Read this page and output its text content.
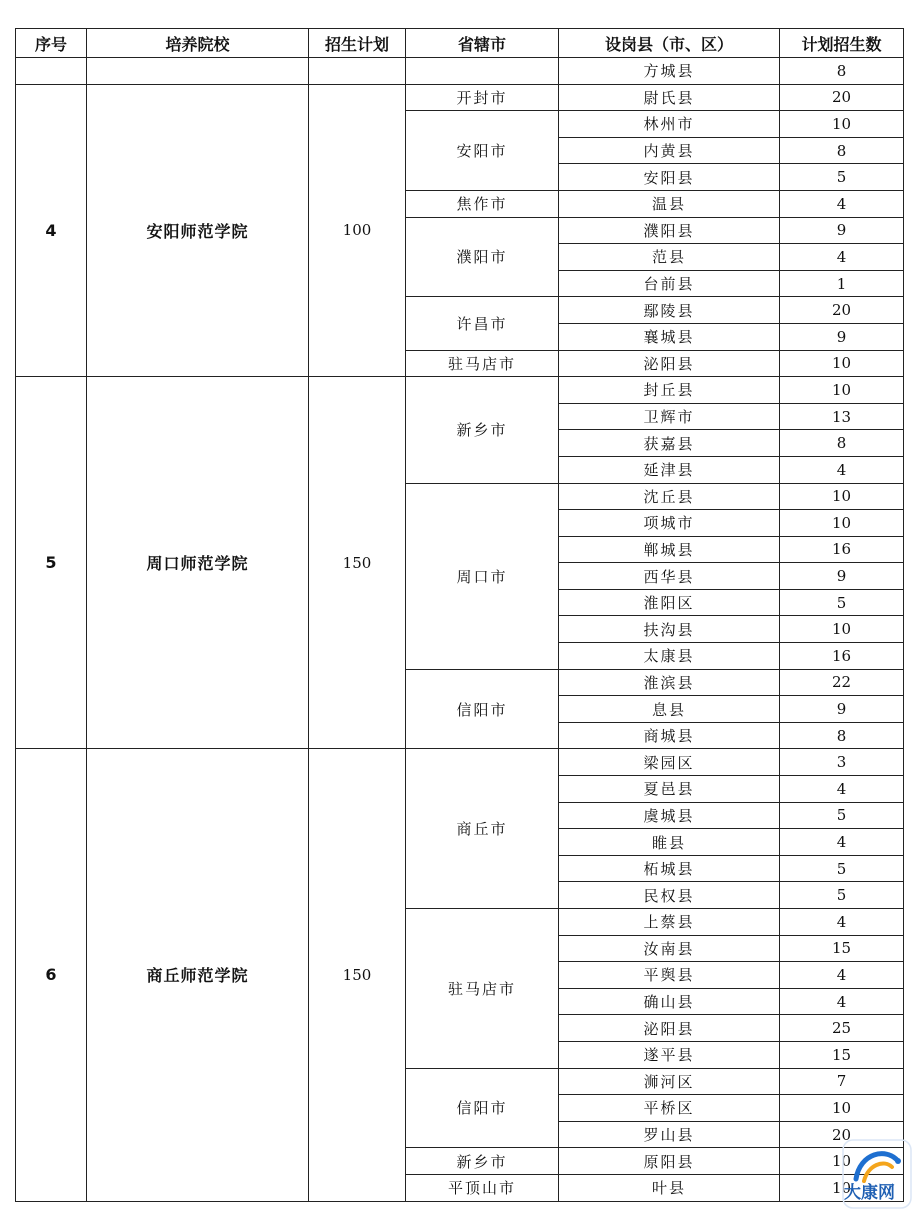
序号	培养院校	招生计划	省辖市	设岗县（市、区）	计划招生数
				方城县	8
4	安阳师范学院	100	开封市	尉氏县	20
			安阳市	林州市	10
				内黄县	8
				安阳县	5
			焦作市	温县	4
			濮阳市	濮阳县	9
				范县	4
				台前县	1
			许昌市	鄢陵县	20
				襄城县	9
			驻马店市	泌阳县	10
5	周口师范学院	150	新乡市	封丘县	10
				卫辉市	13
				获嘉县	8
				延津县	4
			周口市	沈丘县	10
				项城市	10
				郸城县	16
				西华县	9
				淮阳区	5
				扶沟县	10
				太康县	16
			信阳市	淮滨县	22
				息县	9
				商城县	8
6	商丘师范学院	150	商丘市	梁园区	3
				夏邑县	4
				虞城县	5
				睢县	4
				柘城县	5
				民权县	5
			驻马店市	上蔡县	4
				汝南县	15
				平舆县	4
				确山县	4
				泌阳县	25
				遂平县	15
			信阳市	浉河区	7
				平桥区	10
				罗山县	20
			新乡市	原阳县	10
			平顶山市	叶县	10
大康网
